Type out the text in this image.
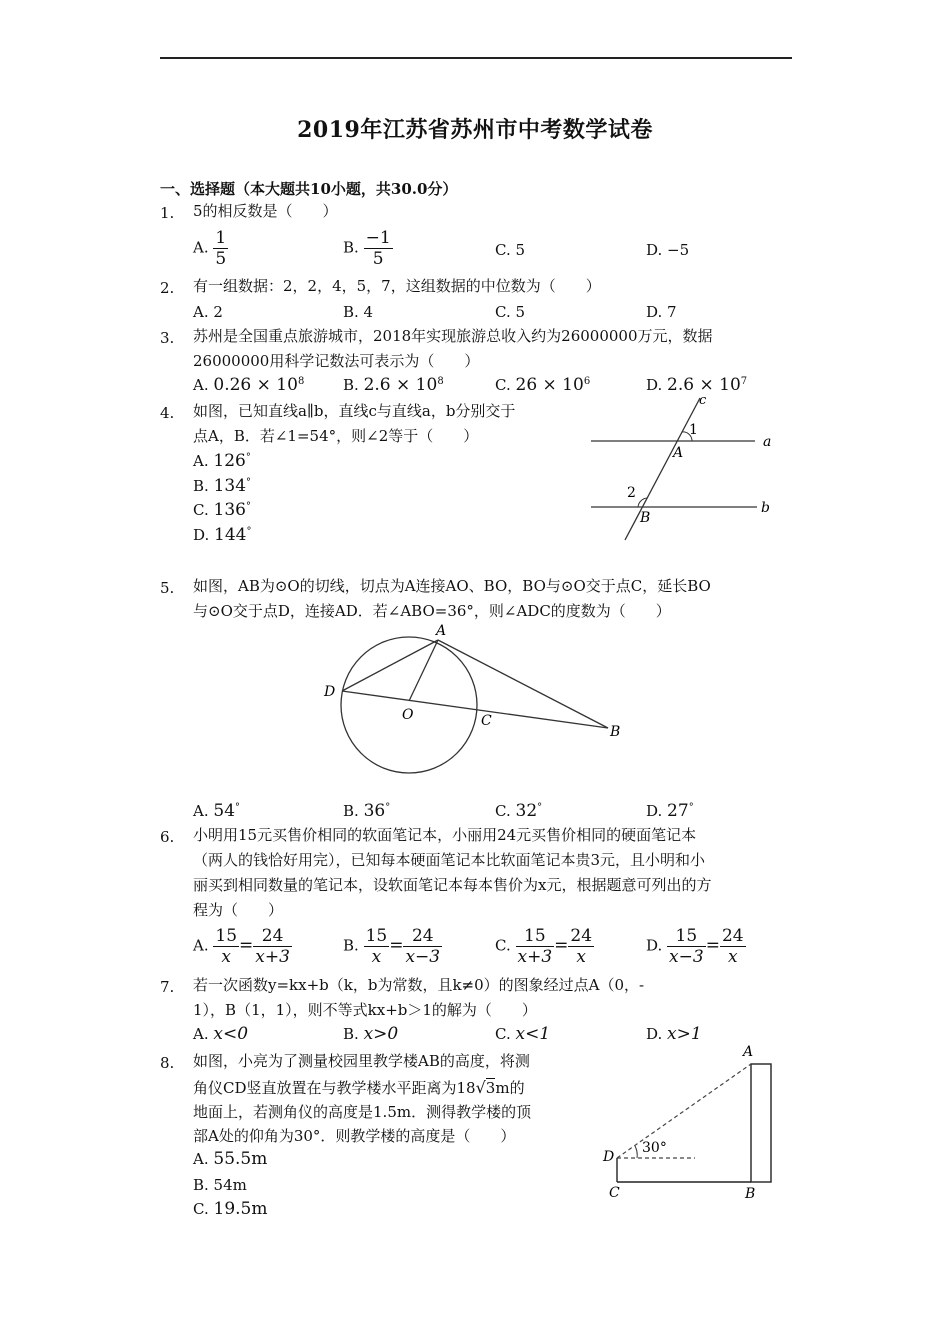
2019年江苏省苏州市中考数学试卷
一、选择题（本大题共10小题，共30.0分）
1. 5的相反数是（　　）
A. $\frac{1}{5}$	B. $\frac{-1}{5}$	C. 5	D. −5
2. 有一组数据：2，2，4，5，7，这组数据的中位数为（　　）
A. 2	B. 4	C. 5	D. 7
3. 苏州是全国重点旅游城市，2018年实现旅游总收入约为26000000万元，数据
26000000用科学记数法可表示为（　　）
A. $0.26 \times 10^8$	B. $2.6 \times 10^8$	C. $26 \times 10^6$	D. $2.6 \times 10^7$
4. 如图，已知直线a∥b，直线c与直线a，b分别交于
点A，B．若∠1=54°，则∠2等于（　　）
A. 126°
B. 134°
C. 136°
D. 144°
c
1
A
a
2
B
b
5. 如图，AB为⊙O的切线，切点为A连接AO、BO，BO与⊙O交于点C，延长BO
与⊙O交于点D，连接AD．若∠ABO=36°，则∠ADC的度数为（　　）
A
D
O	C
B
A. 54°	B. 36°	C. 32°	D. 27°
6. 小明用15元买售价相同的软面笔记本，小丽用24元买售价相同的硬面笔记本
（两人的钱恰好用完），已知每本硬面笔记本比软面笔记本贵3元，且小明和小
丽买到相同数量的笔记本，设软面笔记本每本售价为x元，根据题意可列出的方
程为（　　）
A. $\frac{15}{x} = \frac{24}{x+3}$	B. $\frac{15}{x} = \frac{24}{x-3}$	C. $\frac{15}{x+3} = \frac{24}{x}$	D. $\frac{15}{x-3} = \frac{24}{x}$
7. 若一次函数y=kx+b（k，b为常数，且k≠0）的图象经过点A（0，-
1），B（1，1），则不等式kx+b＞1的解为（　　）
A. x<0	B. x>0	C. x<1	D. x>1
8. 如图，小亮为了测量校园里教学楼AB的高度，将测
角仪CD竖直放置在与教学楼水平距离为18√3m的
地面上，若测角仪的高度是1.5m．测得教学楼的顶
部A处的仰角为30°．则教学楼的高度是（　　）
A. 55.5m
B. 54m
C. 19.5m
A
30°
D
C	B
